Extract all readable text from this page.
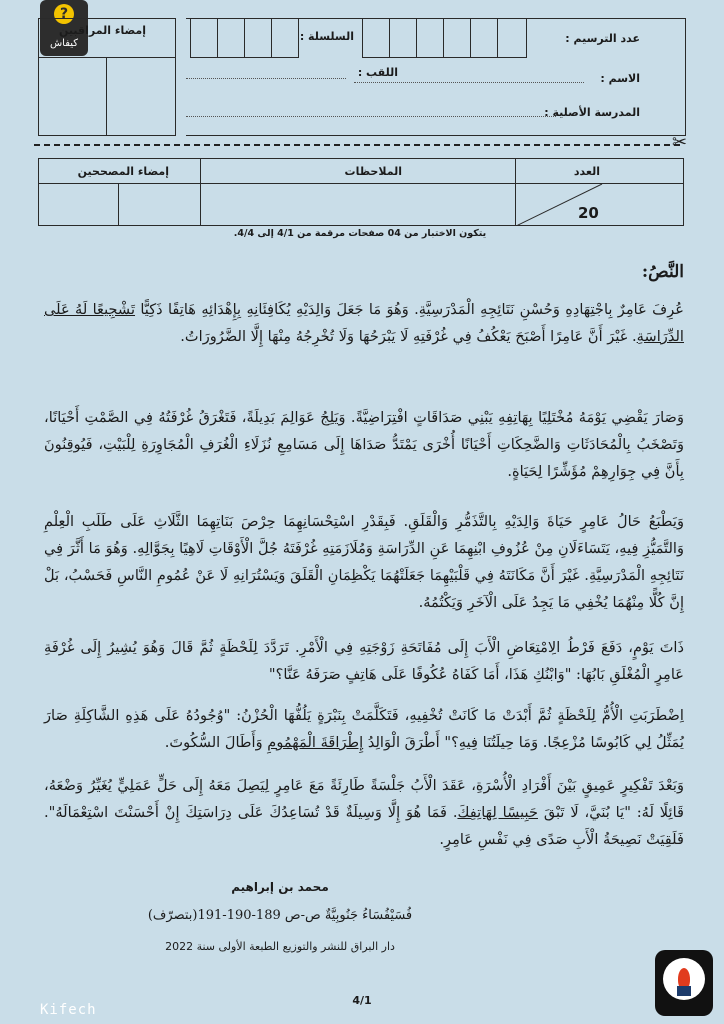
?
كيفاش
إمضاء المراقبين	السلسلة :	عدد الترسيم :
الاسم :
اللقب :
المدرسة الأصلية :
✂
العدد
الملاحظات
إمضاء المصححين
20
يتكون الاختبار من 04 صفحات مرقمة من 4/1 إلى 4/4.
النَّصُ:
عُرِفَ عَامِرٌ بِاجْتِهَادِهِ وَحُسْنِ نَتَائِجِهِ الْمَدْرَسِيَّةِ. وَهُوَ مَا جَعَلَ وَالِدَيْهِ يُكَافِئَانِهِ بِإِهْدَائِهِ هَاتِفًا ذَكِيًّا تَشْجِيعًا لَهُ عَلَى الدِّرَاسَةِ. غَيْرَ أَنَّ عَامِرًا أَصْبَحَ يَعْكُفُ فِي غُرْفَتِهِ لَا يَبْرَحُهَا وَلَا تُخْرِجُهُ مِنْهَا إِلَّا الضَّرُورَاتُ.
وَصَارَ يَقْضِي يَوْمَهُ مُخْتَلِيًا بِهَاتِفِهِ يَبْنِي صَدَاقَاتٍ افْتِرَاضِيَّةً. وَيَلِجُ عَوَالِمَ بَدِيلَةً، فَتَغْرَقُ غُرْفَتُهُ فِي الصَّمْتِ أَحْيَانًا، وَتَصْخَبُ بِالْمُحَادَثَاتِ وَالضَّحِكَاتِ أَحْيَانًا أُخْرَى يَمْتَدُّ صَدَاهَا إِلَى مَسَامِعِ نُزَلَاءِ الْغُرَفِ الْمُجَاوِرَةِ لِلْبَيْتِ، فَيُوقِنُونَ بِأَنَّ فِي جِوَارِهِمْ مُؤَشِّرًا لِحَيَاةٍ.
وَيَطْبَعُ حَالُ عَامِرٍ حَيَاةَ وَالِدَيْهِ بِالتَّذَمُّرِ وَالْقَلَقِ. فَبِقَدْرِ اسْتِحْسَانِهِمَا حِرْصَ بَنَاتِهِمَا الثَّلَاثِ عَلَى طَلَبِ الْعِلْمِ وَالتَّمَيُّزِ فِيهِ، يَتَسَاءَلَانِ مِنْ عُزُوفِ ابْنِهِمَا عَنِ الدِّرَاسَةِ وَمُلَازَمَتِهِ غُرْفَتَهُ جُلَّ الْأَوْقَاتِ لَاهِيًا بِجَوَّالِهِ. وَهُوَ مَا أَثَّرَ فِي نَتَائِجِهِ الْمَدْرَسِيَّةِ. غَيْرَ أَنَّ مَكَانَتَهُ فِي قَلْبَيْهِمَا جَعَلَتْهُمَا يَكْظِمَانِ الْقَلَقَ وَيَسْتُرَانِهِ لَا عَنْ عُمُومِ النَّاسِ فَحَسْبُ، بَلْ إِنَّ كُلًّا مِنْهُمَا يُخْفِي مَا يَجِدُ عَلَى الْآخَرِ وَيَكْتُمُهُ.
ذَاتَ يَوْمٍ، دَفَعَ فَرْطُ الِامْتِعَاضِ الْأَبَ إِلَى مُفَاتَحَةِ زَوْجَتِهِ فِي الْأَمْرِ. تَرَدَّدَ لِلَحْظَةٍ ثُمَّ قَالَ وَهُوَ يُشِيرُ إِلَى غُرْفَةِ عَامِرٍ الْمُغْلَقِ بَابُهَا: "وَابْنُكِ هَذَا، أَمَا كَفَاهُ عُكُوفًا عَلَى هَاتِفٍ صَرَفَهُ عَنَّا؟"
اِضْطَرَبَتِ الْأُمُّ لِلَحْظَةٍ ثُمَّ أَبْدَتْ مَا كَانَتْ تُخْفِيهِ، فَتَكَلَّمَتْ بِنَبْرَةٍ يَلُفُّهَا الْحُزْنُ: "وُجُودُهُ عَلَى هَذِهِ الشَّاكِلَةِ صَارَ يُمَثِّلُ لِي كَابُوسًا مُزْعِجًا. وَمَا حِيلَتُنَا فِيهِ؟" أَطْرَقَ الْوَالِدُ إِطْرَاقَةَ الْمَهْمُومِ وَأَطَالَ السُّكُوتَ.
وَبَعْدَ تَفْكِيرٍ عَمِيقٍ بَيْنَ أَفْرَادِ الْأُسْرَةِ، عَقَدَ الْأَبُ جَلْسَةً طَارِئَةً مَعَ عَامِرٍ لِيَصِلَ مَعَهُ إِلَى حَلٍّ عَمَلِيٍّ يُغَيِّرُ وَضْعَهُ، قَائِلًا لَهُ: "يَا بُنَيَّ، لَا تَبْقَ حَبِيسًا لِهَاتِفِكَ. فَمَا هُوَ إِلَّا وَسِيلَةٌ قَدْ تُسَاعِدُكَ عَلَى دِرَاسَتِكَ إِنْ أَحْسَنْتَ اسْتِعْمَالَهُ". فَلَقِيَتْ نَصِيحَةُ الْأَبِ صَدًى فِي نَفْسِ عَامِرٍ.
محمد بن إبراهيم
فُسَيْفُسَاءُ جَنُوبِيَّةٌ ص-ص 189-190-191(بتصرّف)
دار البراق للنشر والتوزيع الطبعة الأولى سنة 2022
4/1
Kifech
